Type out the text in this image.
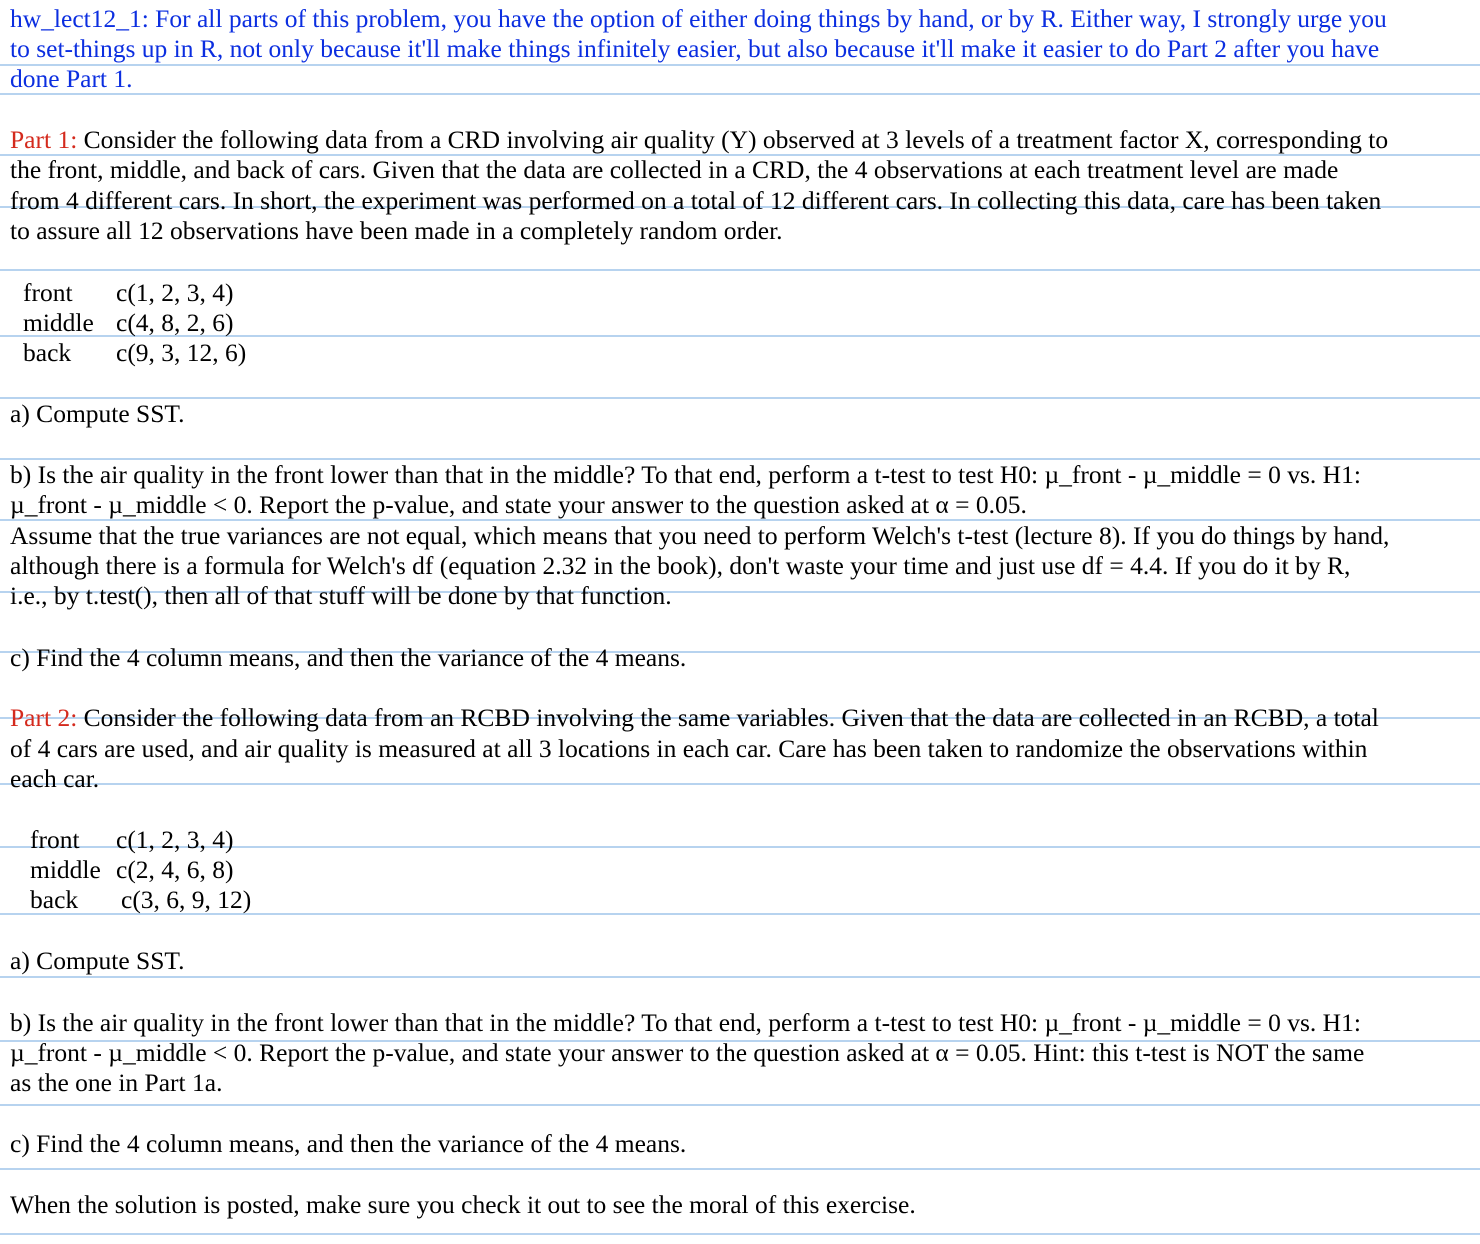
hw_lect12_1: For all parts of this problem, you have the option of either doing things by hand, or by R. Either way, I strongly urge you
to set-things up in R, not only because it'll make things infinitely easier, but also because it'll make it easier to do Part 2 after you have
done Part 1.
Part 1: Consider the following data from a CRD involving air quality (Y) observed at 3 levels of a treatment factor X, corresponding to
the front, middle, and back of cars. Given that the data are collected in a CRD, the 4 observations at each treatment level are made
from 4 different cars. In short, the experiment was performed on a total of 12 different cars. In collecting this data, care has been taken
to assure all 12 observations have been made in a completely random order.
front c(1, 2, 3, 4)
middle c(4, 8, 2, 6)
back c(9, 3, 12, 6)
a) Compute SST.
b) Is the air quality in the front lower than that in the middle? To that end, perform a t-test to test H0: µ_front - µ_middle = 0 vs. H1:
µ_front - µ_middle < 0. Report the p-value, and state your answer to the question asked at α = 0.05.
Assume that the true variances are not equal, which means that you need to perform Welch's t-test (lecture 8). If you do things by hand,
although there is a formula for Welch's df (equation 2.32 in the book), don't waste your time and just use df = 4.4. If you do it by R,
i.e., by t.test(), then all of that stuff will be done by that function.
c) Find the 4 column means, and then the variance of the 4 means.
Part 2: Consider the following data from an RCBD involving the same variables. Given that the data are collected in an RCBD, a total
of 4 cars are used, and air quality is measured at all 3 locations in each car. Care has been taken to randomize the observations within
each car.
front c(1, 2, 3, 4)
middle c(2, 4, 6, 8)
back c(3, 6, 9, 12)
a) Compute SST.
b) Is the air quality in the front lower than that in the middle? To that end, perform a t-test to test H0: µ_front - µ_middle = 0 vs. H1:
µ_front - µ_middle < 0. Report the p-value, and state your answer to the question asked at α = 0.05. Hint: this t-test is NOT the same
as the one in Part 1a.
c) Find the 4 column means, and then the variance of the 4 means.
When the solution is posted, make sure you check it out to see the moral of this exercise.
